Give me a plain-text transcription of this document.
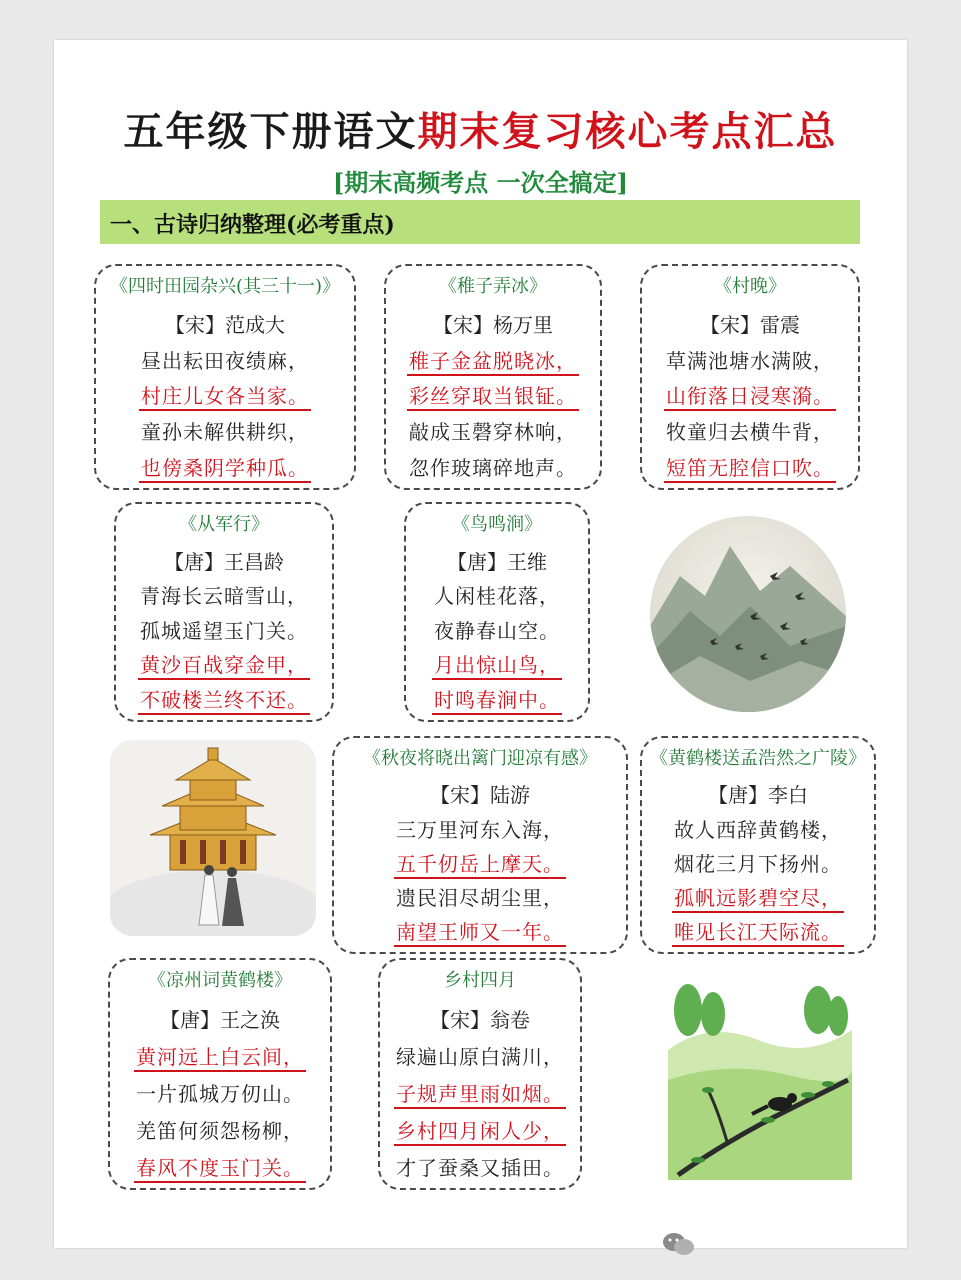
五年级下册语文期末复习核心考点汇总
[期末高频考点 一次全搞定]
一、古诗归纳整理(必考重点)
《四时田园杂兴(其三十一)》
【宋】范成大
昼出耘田夜绩麻，
村庄儿女各当家。
童孙未解供耕织，
也傍桑阴学种瓜。
《稚子弄冰》
【宋】杨万里
稚子金盆脱晓冰，
彩丝穿取当银钲。
敲成玉磬穿林响，
忽作玻璃碎地声。
《村晚》
【宋】雷震
草满池塘水满陂，
山衔落日浸寒漪。
牧童归去横牛背，
短笛无腔信口吹。
《从军行》
【唐】王昌龄
青海长云暗雪山，
孤城遥望玉门关。
黄沙百战穿金甲，
不破楼兰终不还。
《鸟鸣涧》
【唐】王维
人闲桂花落，
夜静春山空。
月出惊山鸟，
时鸣春涧中。
《秋夜将晓出篱门迎凉有感》
【宋】陆游
三万里河东入海，
五千仞岳上摩天。
遗民泪尽胡尘里，
南望王师又一年。
《黄鹤楼送孟浩然之广陵》
【唐】李白
故人西辞黄鹤楼，
烟花三月下扬州。
孤帆远影碧空尽，
唯见长江天际流。
《凉州词黄鹤楼》
【唐】王之涣
黄河远上白云间，
一片孤城万仞山。
羌笛何须怨杨柳，
春风不度玉门关。
乡村四月
【宋】翁卷
绿遍山原白满川，
子规声里雨如烟。
乡村四月闲人少，
才了蚕桑又插田。
